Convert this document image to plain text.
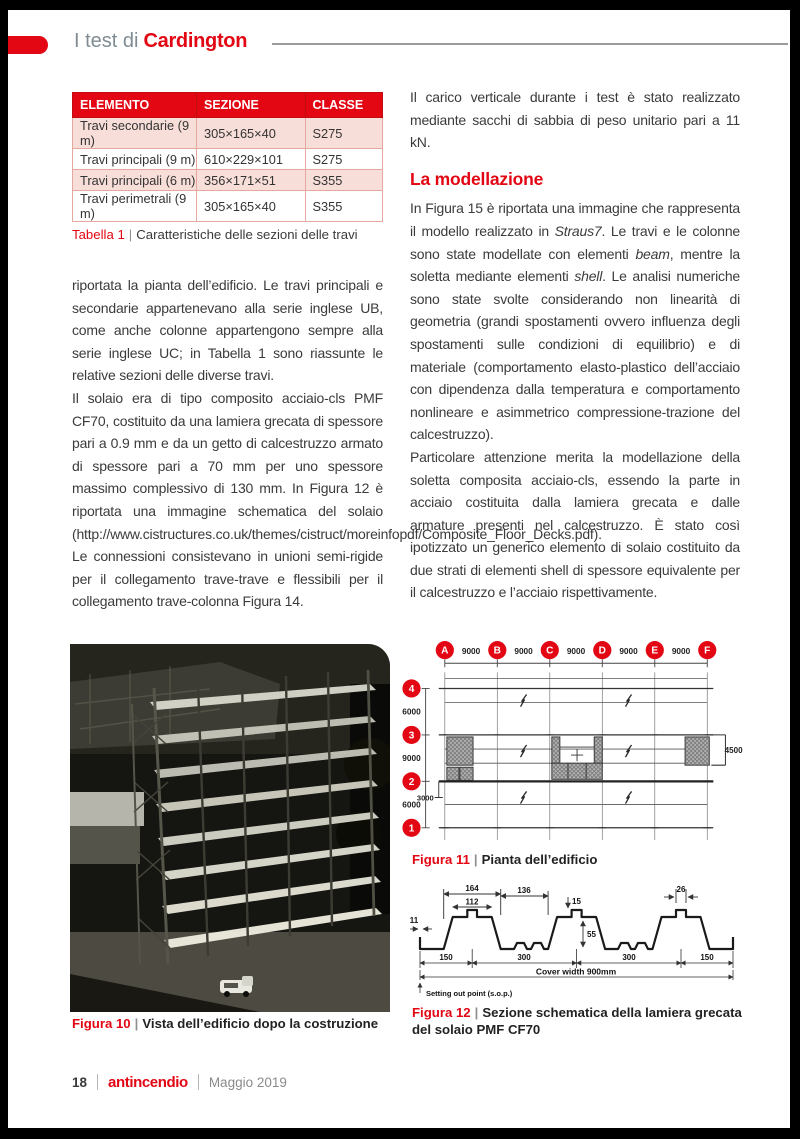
I test di Cardington
ELEMENTO	SEZIONE	CLASSE
Travi secondarie (9 m)	305×165×40	S275
Travi principali (9 m)	610×229×101	S275
Travi principali (6 m)	356×171×51	S355
Travi perimetrali (9 m)	305×165×40	S355
Tabella 1 | Caratteristiche delle sezioni delle travi

riportata la pianta dell’edificio. Le travi principali e secondarie appartenevano alla serie inglese UB, come anche colonne appartengono sempre alla serie inglese UC; in Tabella 1 sono riassunte le relative sezioni delle diverse travi.

Il solaio era di tipo composito acciaio-cls PMF CF70, costituito da una lamiera grecata di spessore pari a 0.9 mm e da un getto di calcestruzzo armato di spessore pari a 70 mm per uno spessore massimo complessivo di 130 mm. In Figura 12 è riportata una immagine schematica del solaio (http://www.cistructures.co.uk/themes/cistruct/moreinfopdf/Composite_Floor_Decks.pdf).

Le connessioni consistevano in unioni semi-rigide per il collegamento trave-trave e flessibili per il collegamento trave-colonna Figura 14.

Figura 10 | Vista dell’edificio dopo la costruzione

Il carico verticale durante i test è stato realizzato mediante sacchi di sabbia di peso unitario pari a 11 kN.

La modellazione

In Figura 15 è riportata una immagine che rappresenta il modello realizzato in Straus7. Le travi e le colonne sono state modellate con elementi beam, mentre la soletta mediante elementi shell. Le analisi numeriche sono state svolte considerando non linearità di geometria (grandi spostamenti ovvero influenza degli spostamenti sulle condizioni di equilibrio) e di materiale (comportamento elasto-plastico dell’acciaio con dipendenza dalla temperatura e comportamento nonlineare e asimmetrico compressione-trazione del calcestruzzo).

Particolare attenzione merita la modellazione della soletta composita acciaio-cls, essendo la parte in acciaio costituita dalla lamiera grecata e dalle armature presenti nel calcestruzzo. È stato così ipotizzato un generico elemento di solaio costituito da due strati di elementi shell di spessore equivalente per il calcestruzzo e l’acciaio rispettivamente.

A	B	C	D	E	F
9000	9000	9000	9000	9000
4
3
2
1
6000
9000
6000
4500
3000
Figura 11 | Pianta dell’edificio
164
112
136
15
55
26
11
150	300	300	150
Cover width 900mm
Setting out point (s.o.p.)
Figura 12 | Sezione schematica della lamiera grecata
del solaio PMF CF70
18 antincendio Maggio 2019
